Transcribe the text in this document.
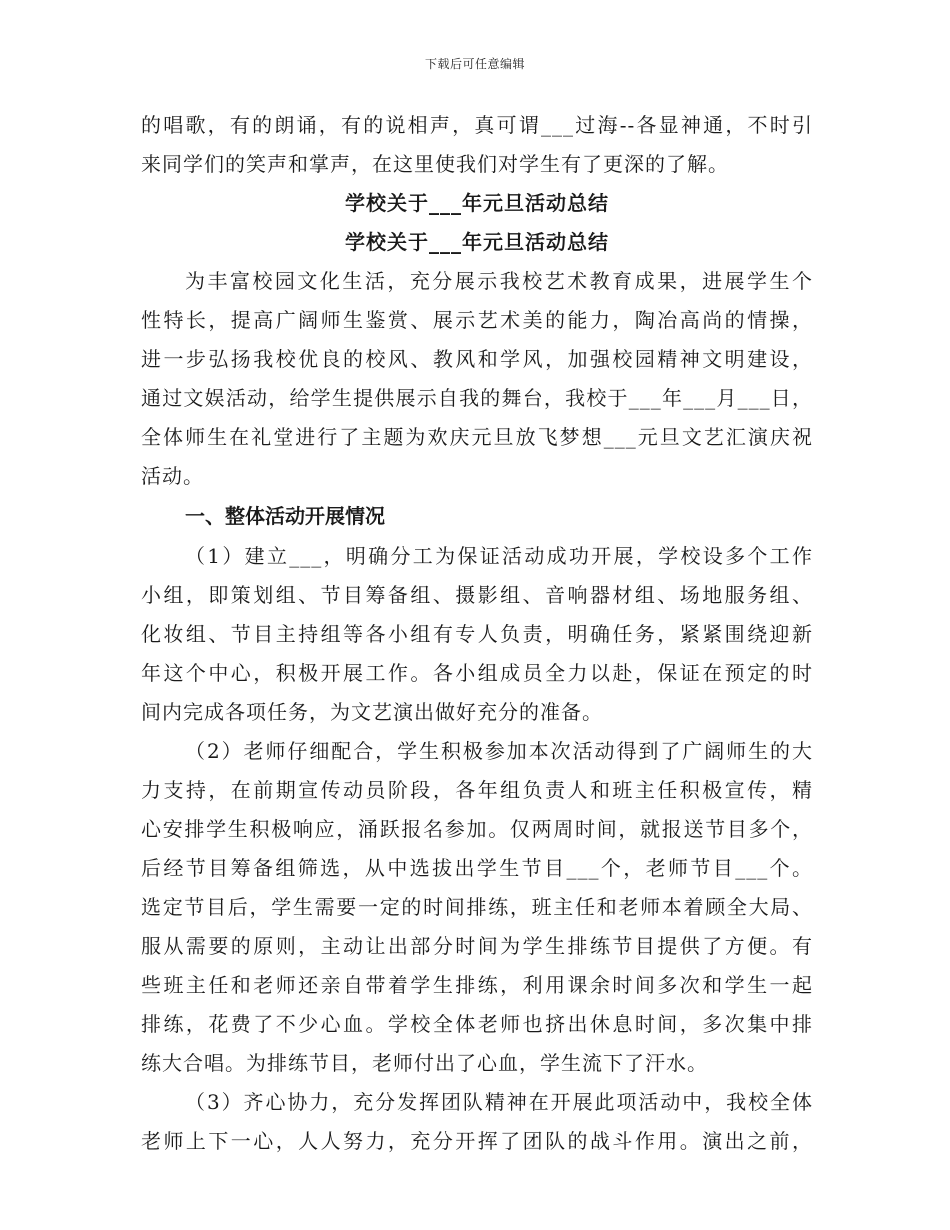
下载后可任意编辑
的唱歌，有的朗诵，有的说相声，真可谓___过海--各显神通，不时引
来同学们的笑声和掌声，在这里使我们对学生有了更深的了解。
学校关于___年元旦活动总结
学校关于___年元旦活动总结
为丰富校园文化生活，充分展示我校艺术教育成果，进展学生个
性特长，提高广阔师生鉴赏、展示艺术美的能力，陶冶高尚的情操，
进一步弘扬我校优良的校风、教风和学风，加强校园精神文明建设，
通过文娱活动，给学生提供展示自我的舞台，我校于___年___月___日，
全体师生在礼堂进行了主题为欢庆元旦放飞梦想___元旦文艺汇演庆祝
活动。
一、整体活动开展情况
（1）建立___，明确分工为保证活动成功开展，学校设多个工作
小组，即策划组、节目筹备组、摄影组、音响器材组、场地服务组、
化妆组、节目主持组等各小组有专人负责，明确任务，紧紧围绕迎新
年这个中心，积极开展工作。各小组成员全力以赴，保证在预定的时
间内完成各项任务，为文艺演出做好充分的准备。
（2）老师仔细配合，学生积极参加本次活动得到了广阔师生的大
力支持，在前期宣传动员阶段，各年组负责人和班主任积极宣传，精
心安排学生积极响应，涌跃报名参加。仅两周时间，就报送节目多个，
后经节目筹备组筛选，从中选拔出学生节目___个，老师节目___个。
选定节目后，学生需要一定的时间排练，班主任和老师本着顾全大局、
服从需要的原则，主动让出部分时间为学生排练节目提供了方便。有
些班主任和老师还亲自带着学生排练，利用课余时间多次和学生一起
排练，花费了不少心血。学校全体老师也挤出休息时间，多次集中排
练大合唱。为排练节目，老师付出了心血，学生流下了汗水。
（3）齐心协力，充分发挥团队精神在开展此项活动中，我校全体
老师上下一心，人人努力，充分开挥了团队的战斗作用。演出之前，
